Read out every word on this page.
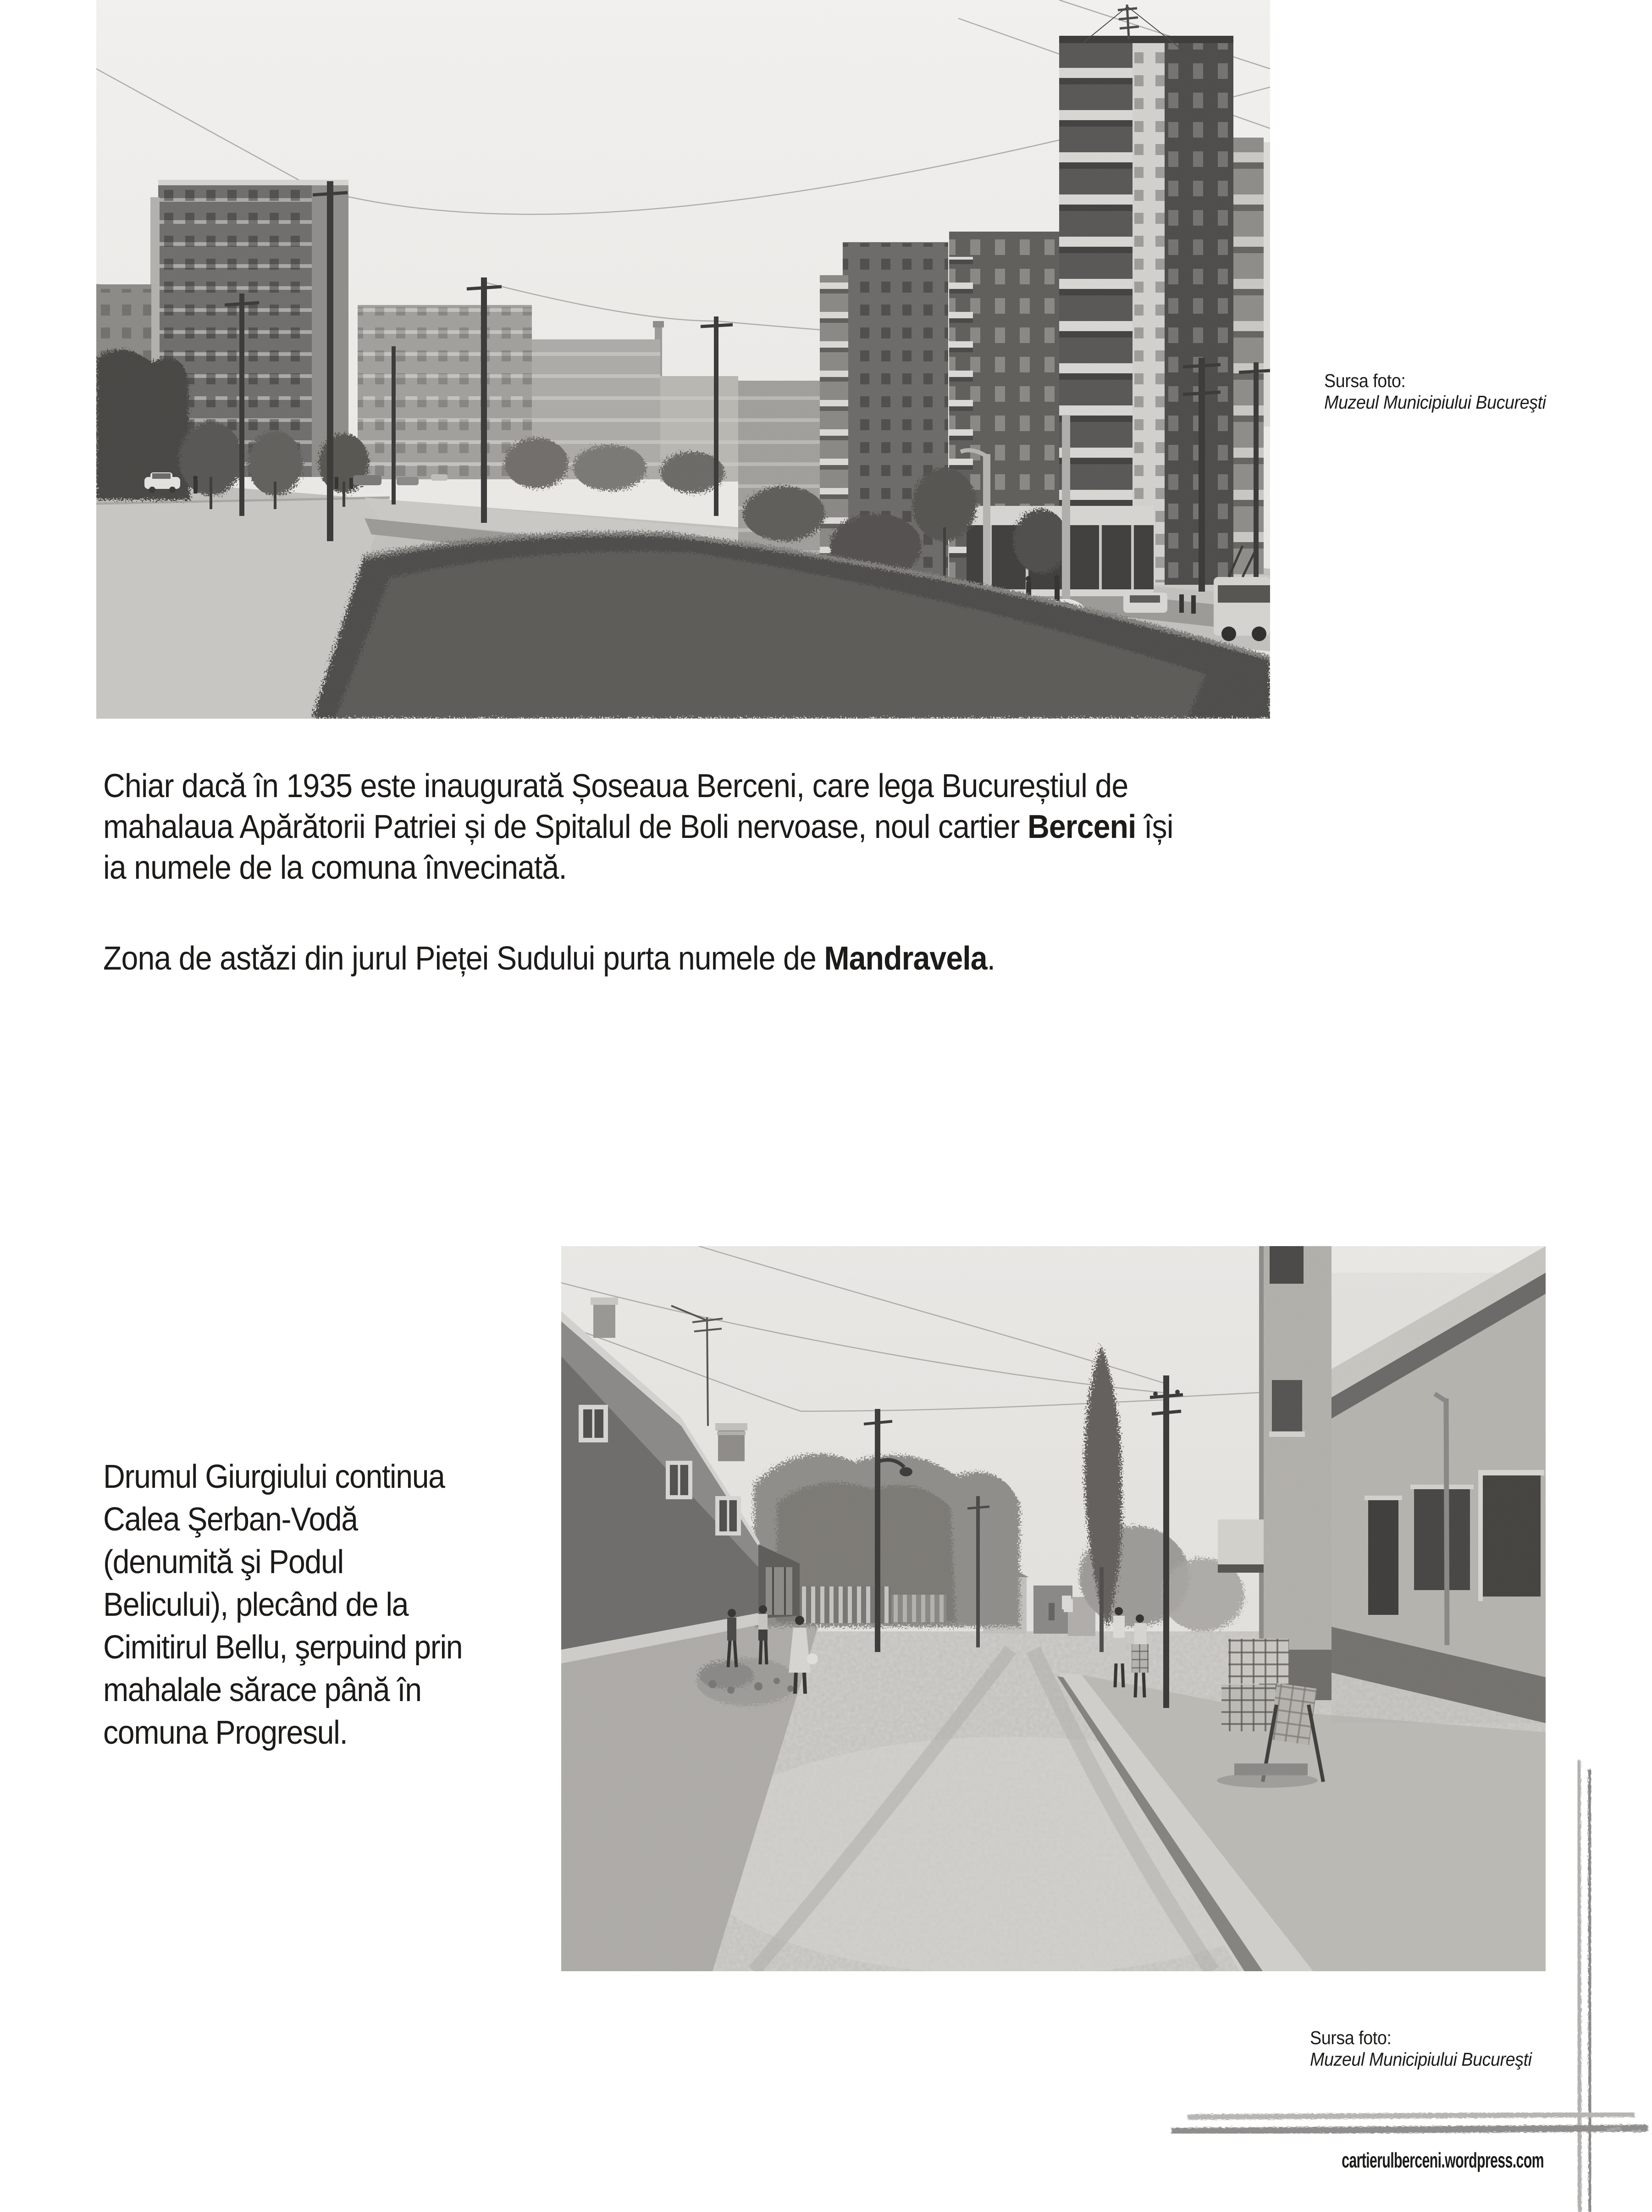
Sursa foto:
Muzeul Municipiului Bucureşti
Chiar dacă în 1935 este inaugurată Șoseaua Berceni, care lega Bucureștiul de
mahalaua Apărătorii Patriei și de Spitalul de Boli nervoase, noul cartier Berceni își
ia numele de la comuna învecinată.
Zona de astăzi din jurul Pieței Sudului purta numele de Mandravela.
Drumul Giurgiului continua
Calea Şerban-Vodă
(denumită şi Podul
Belicului), plecând de la
Cimitirul Bellu, şerpuind prin
mahalale sărace până în
comuna Progresul.
Sursa foto:
Muzeul Municipiului Bucureşti
cartierulberceni.wordpress.com
